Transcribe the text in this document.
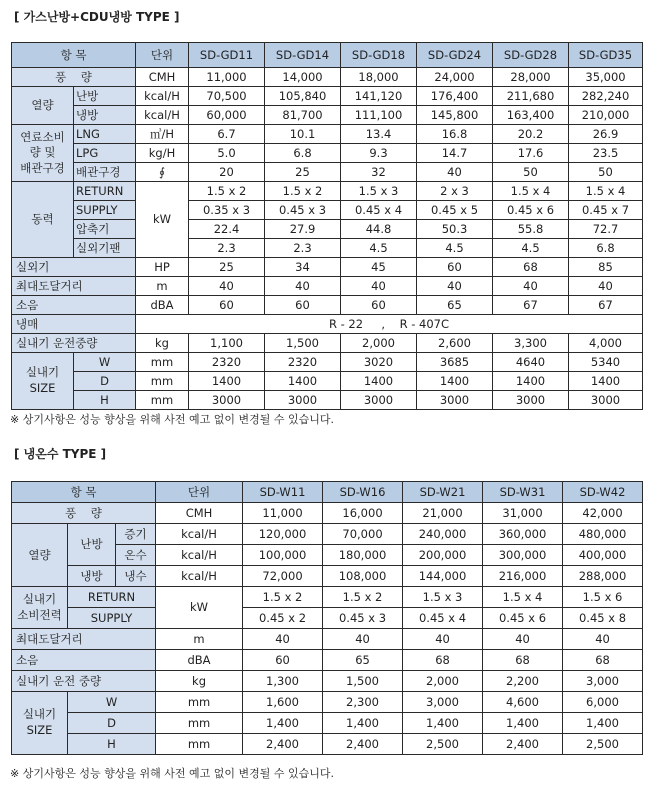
[ 가스난방+CDU냉방 TYPE ]
항 목		단위	SD-GD11	SD-GD14	SD-GD18	SD-GD24	SD-GD28	SD-GD35
풍    량		CMH	11,000	14,000	18,000	24,000	28,000	35,000
열량	난방	kcal/H	70,500	105,840	141,120	176,400	211,680	282,240
	냉방	kcal/H	60,000	81,700	111,100	145,800	163,400	210,000
연료소비
량 및
배관구경	LNG	㎥/H	6.7	10.1	13.4	16.8	20.2	26.9
	LPG	kg/H	5.0	6.8	9.3	14.7	17.6	23.5
	배관구경	∮	20	25	32	40	50	50
동력	RETURN	kW	1.5 x 2	1.5 x 2	1.5 x 3	2 x 3	1.5 x 4	1.5 x 4
	SUPPLY		0.35 x 3	0.45 x 3	0.45 x 4	0.45 x 5	0.45 x 6	0.45 x 7
	압축기		22.4	27.9	44.8	50.3	55.8	72.7
	실외기팬		2.3	2.3	4.5	4.5	4.5	6.8
실외기		HP	25	34	45	60	68	85
최대도달거리		m	40	40	40	40	40	40
소음		dBA	60	60	60	65	67	67
냉매		R - 22     ,    R - 407C						
실내기 운전중량		kg	1,100	1,500	2,000	2,600	3,300	4,000
실내기
SIZE	W	mm	2320	2320	3020	3685	4640	5340
	D	mm	1400	1400	1400	1400	1400	1400
	H	mm	3000	3000	3000	3000	3000	3000
※ 상기사항은 성능 향상을 위해 사전 예고 없이 변경될 수 있습니다.
[ 냉온수 TYPE ]
항 목			단위	SD-W11	SD-W16	SD-W21	SD-W31	SD-W42
풍    량			CMH	11,000	16,000	21,000	31,000	42,000
열량	난방	증기	kcal/H	120,000	70,000	240,000	360,000	480,000
		온수	kcal/H	100,000	180,000	200,000	300,000	400,000
	냉방	냉수	kcal/H	72,000	108,000	144,000	216,000	288,000
실내기
소비전력	RETURN		kW	1.5 x 2	1.5 x 2	1.5 x 3	1.5 x 4	1.5 x 6
	SUPPLY			0.45 x 2	0.45 x 3	0.45 x 4	0.45 x 6	0.45 x 8
최대도달거리			m	40	40	40	40	40
소음			dBA	60	65	68	68	68
실내기 운전 중량			kg	1,300	1,500	2,000	2,200	3,000
실내기
SIZE	W		mm	1,600	2,300	3,000	4,600	6,000
	D		mm	1,400	1,400	1,400	1,400	1,400
	H		mm	2,400	2,400	2,500	2,400	2,500
※ 상기사항은 성능 향상을 위해 사전 예고 없이 변경될 수 있습니다.
